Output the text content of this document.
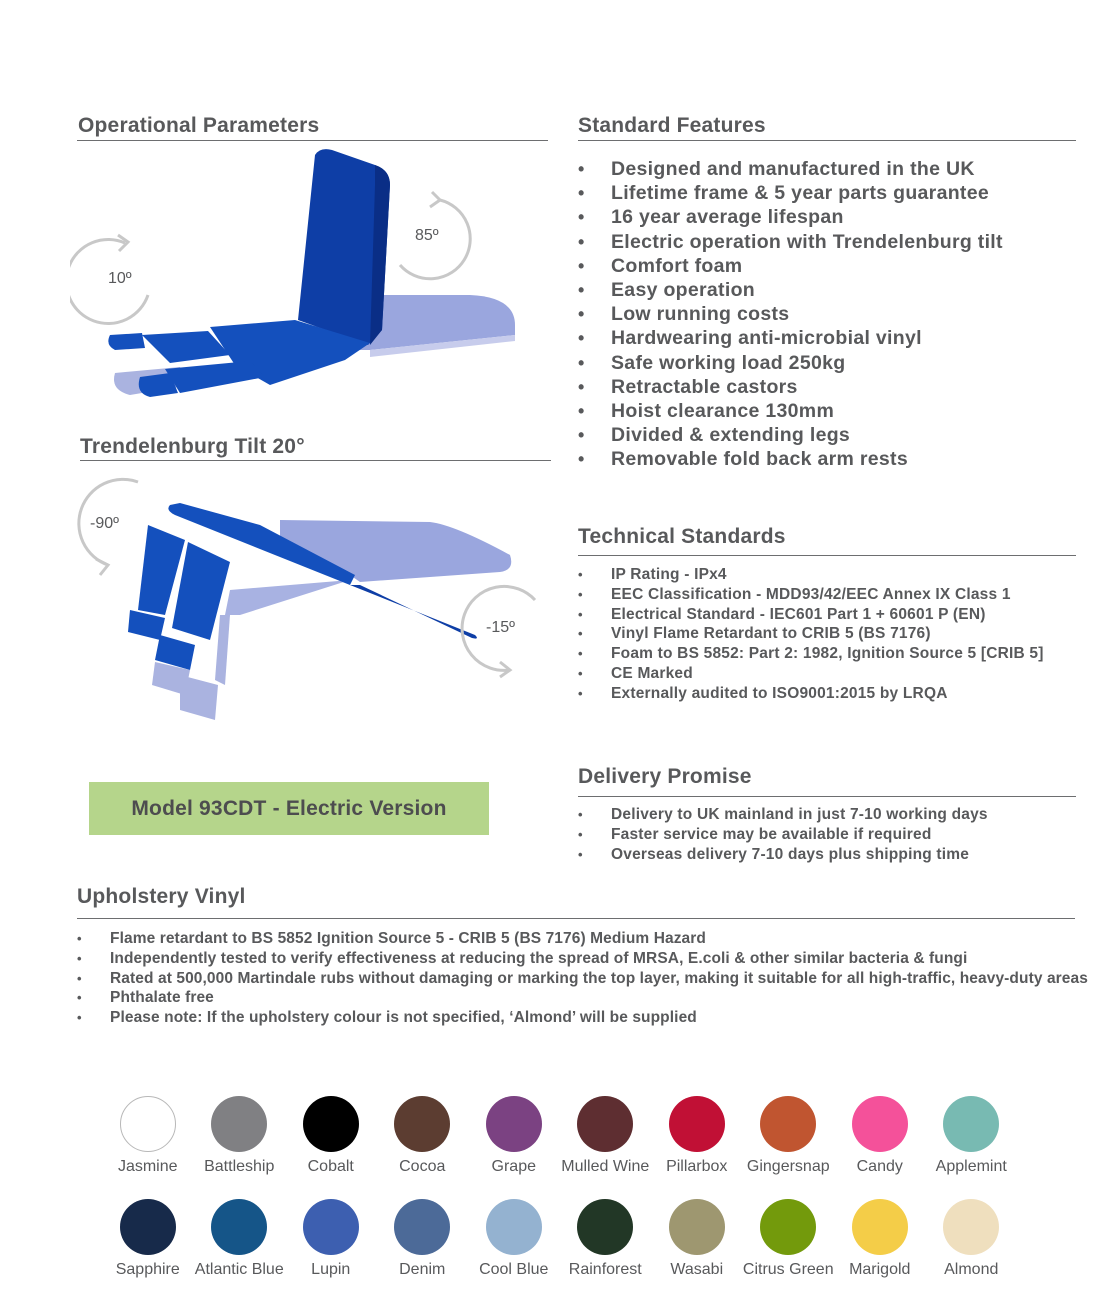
Operational Parameters
10º
85º
Trendelenburg Tilt 20°
-90º
-15º
Model 93CDT - Electric Version
Standard Features
• Designed and manufactured in the UK
• Lifetime frame & 5 year parts guarantee
• 16 year average lifespan
• Electric operation with Trendelenburg tilt
• Comfort foam
• Easy operation
• Low running costs
• Hardwearing anti-microbial vinyl
• Safe working load 250kg
• Retractable castors
• Hoist clearance 130mm
• Divided & extending legs
• Removable fold back arm rests
Technical Standards
• IP Rating - IPx4
• EEC Classification - MDD93/42/EEC Annex IX Class 1
• Electrical Standard - IEC601 Part 1 + 60601 P (EN)
• Vinyl Flame Retardant to CRIB 5 (BS 7176)
• Foam to BS 5852: Part 2: 1982, Ignition Source 5 [CRIB 5]
• CE Marked
• Externally audited to ISO9001:2015 by LRQA
Delivery Promise
• Delivery to UK mainland in just 7-10 working days
• Faster service may be available if required
• Overseas delivery 7-10 days plus shipping time
Upholstery Vinyl
• Flame retardant to BS 5852 Ignition Source 5 - CRIB 5 (BS 7176) Medium Hazard
• Independently tested to verify effectiveness at reducing the spread of MRSA, E.coli & other similar bacteria & fungi
• Rated at 500,000 Martindale rubs without damaging or marking the top layer, making it suitable for all high-traffic, heavy-duty areas
• Phthalate free
• Please note: If the upholstery colour is not specified, ‘Almond’ will be supplied
Jasmine Battleship Cobalt	Cocoa	Grape Mulled Wine Pillarbox Gingersnap Candy Applemint
Sapphire Atlantic Blue Lupin	Denim Cool Blue Rainforest Wasabi Citrus Green Marigold Almond
